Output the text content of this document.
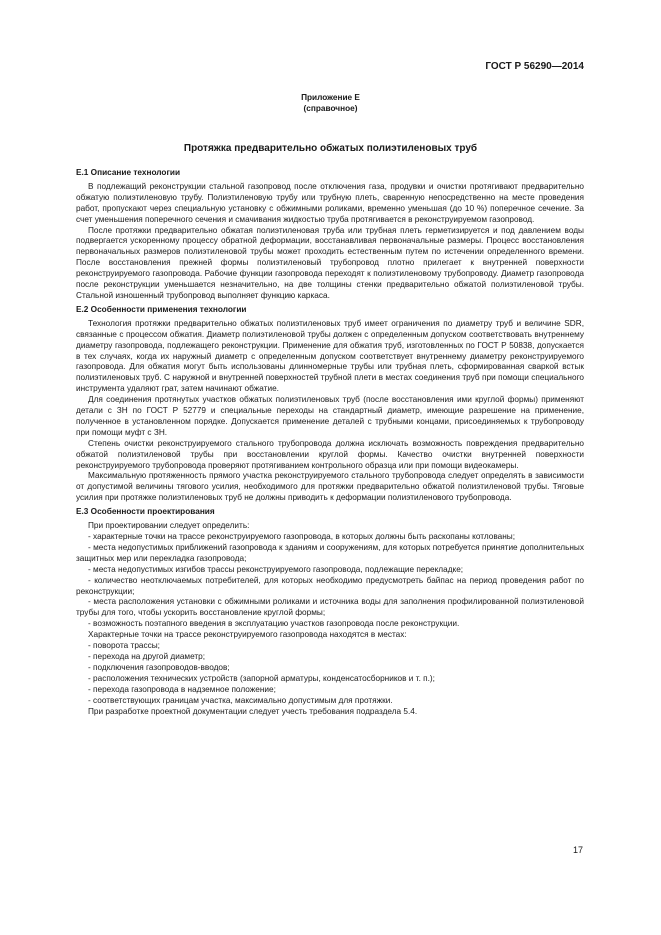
ГОСТ Р 56290—2014
Приложение Е
(справочное)
Протяжка предварительно обжатых полиэтиленовых труб
Е.1 Описание технологии

В подлежащий реконструкции стальной газопровод после отключения газа, продувки и очистки протягивают предварительно обжатую полиэтиленовую трубу. Полиэтиленовую трубу или трубную плеть, сваренную непосредственно на месте проведения работ, пропускают через специальную установку с обжимными роликами, временно уменьшая (до 10 %) поперечное сечение. За счет уменьшения поперечного сечения и смачивания жидкостью труба протягивается в реконструируемом газопровод.

После протяжки предварительно обжатая полиэтиленовая труба или трубная плеть герметизируется и под давлением воды подвергается ускоренному процессу обратной деформации, восстанавливая первоначальные размеры. Процесс восстановления первоначальных размеров полиэтиленовой трубы может проходить естественным путем по истечении определенного времени. После восстановления прежней формы полиэтиленовый трубопровод плотно прилегает к внутренней поверхности реконструируемого газопровода. Рабочие функции газопровода переходят к полиэтиленовому трубопроводу. Диаметр газопровода после реконструкции уменьшается незначительно, на две толщины стенки предварительно обжатой полиэтиленовой трубы. Стальной изношенный трубопровод выполняет функцию каркаса.

Е.2 Особенности применения технологии

Технология протяжки предварительно обжатых полиэтиленовых труб имеет ограничения по диаметру труб и величине SDR, связанные с процессом обжатия. Диаметр полиэтиленовой трубы должен с определенным допуском соответствовать внутреннему диаметру газопровода, подлежащего реконструкции. Применение для обжатия труб, изготовленных по ГОСТ Р 50838, допускается в тех случаях, когда их наружный диаметр с определенным допуском соответствует внутреннему диаметру реконструируемого газопровода. Для обжатия могут быть использованы длинномерные трубы или трубная плеть, сформированная сваркой встык полиэтиленовых труб. С наружной и внутренней поверхностей трубной плети в местах соединения труб при помощи специального инструмента удаляют грат, затем начинают обжатие.

Для соединения протянутых участков обжатых полиэтиленовых труб (после восстановления ими круглой формы) применяют детали с ЗН по ГОСТ Р 52779 и специальные переходы на стандартный диаметр, имеющие разрешение на применение, полученное в установленном порядке. Допускается применение деталей с трубными концами, присоединяемых к трубопроводу при помощи муфт с ЗН.

Степень очистки реконструируемого стального трубопровода должна исключать возможность повреждения предварительно обжатой полиэтиленовой трубы при восстановлении круглой формы. Качество очистки внутренней поверхности реконструируемого трубопровода проверяют протягиванием контрольного образца или при помощи видеокамеры.

Максимальную протяженность прямого участка реконструируемого стального трубопровода следует определять в зависимости от допустимой величины тягового усилия, необходимого для протяжки предварительно обжатой полиэтиленовой трубы. Тяговые усилия при протяжке полиэтиленовых труб не должны приводить к деформации полиэтиленового трубопровода.

Е.3 Особенности проектирования

При проектировании следует определить:

- характерные точки на трассе реконструируемого газопровода, в которых должны быть раскопаны котлованы;

- места недопустимых приближений газопровода к зданиям и сооружениям, для которых потребуется принятие дополнительных защитных мер или перекладка газопровода;

- места недопустимых изгибов трассы реконструируемого газопровода, подлежащие перекладке;

- количество неотключаемых потребителей, для которых необходимо предусмотреть байпас на период проведения работ по реконструкции;

- места расположения установки с обжимными роликами и источника воды для заполнения профилированной полиэтиленовой трубы для того, чтобы ускорить восстановление круглой формы;

- возможность поэтапного введения в эксплуатацию участков газопровода после реконструкции.

Характерные точки на трассе реконструируемого газопровода находятся в местах:

- поворота трассы;

- перехода на другой диаметр;

- подключения газопроводов-вводов;

- расположения технических устройств (запорной арматуры, конденсатосборников и т. п.);

- перехода газопровода в надземное положение;

- соответствующих границам участка, максимально допустимым для протяжки.

При разработке проектной документации следует учесть требования подраздела 5.4.

17
